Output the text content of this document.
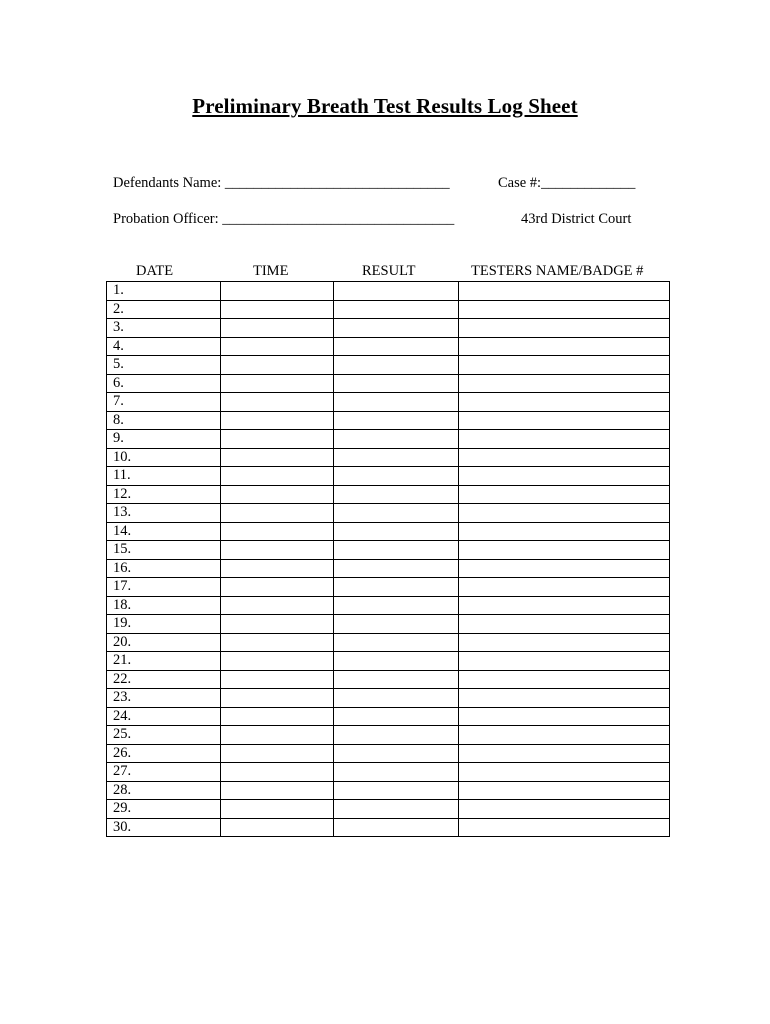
Preliminary Breath Test Results Log Sheet
Defendants Name: _______________________________	Case #:_____________
Probation Officer: ________________________________	43rd District Court
DATE	TIME	RESULT	TESTERS NAME/BADGE #
1.			
2.			
3.			
4.			
5.			
6.			
7.			
8.			
9.			
10.			
11.			
12.			
13.			
14.			
15.			
16.			
17.			
18.			
19.			
20.			
21.			
22.			
23.			
24.			
25.			
26.			
27.			
28.			
29.			
30.			
